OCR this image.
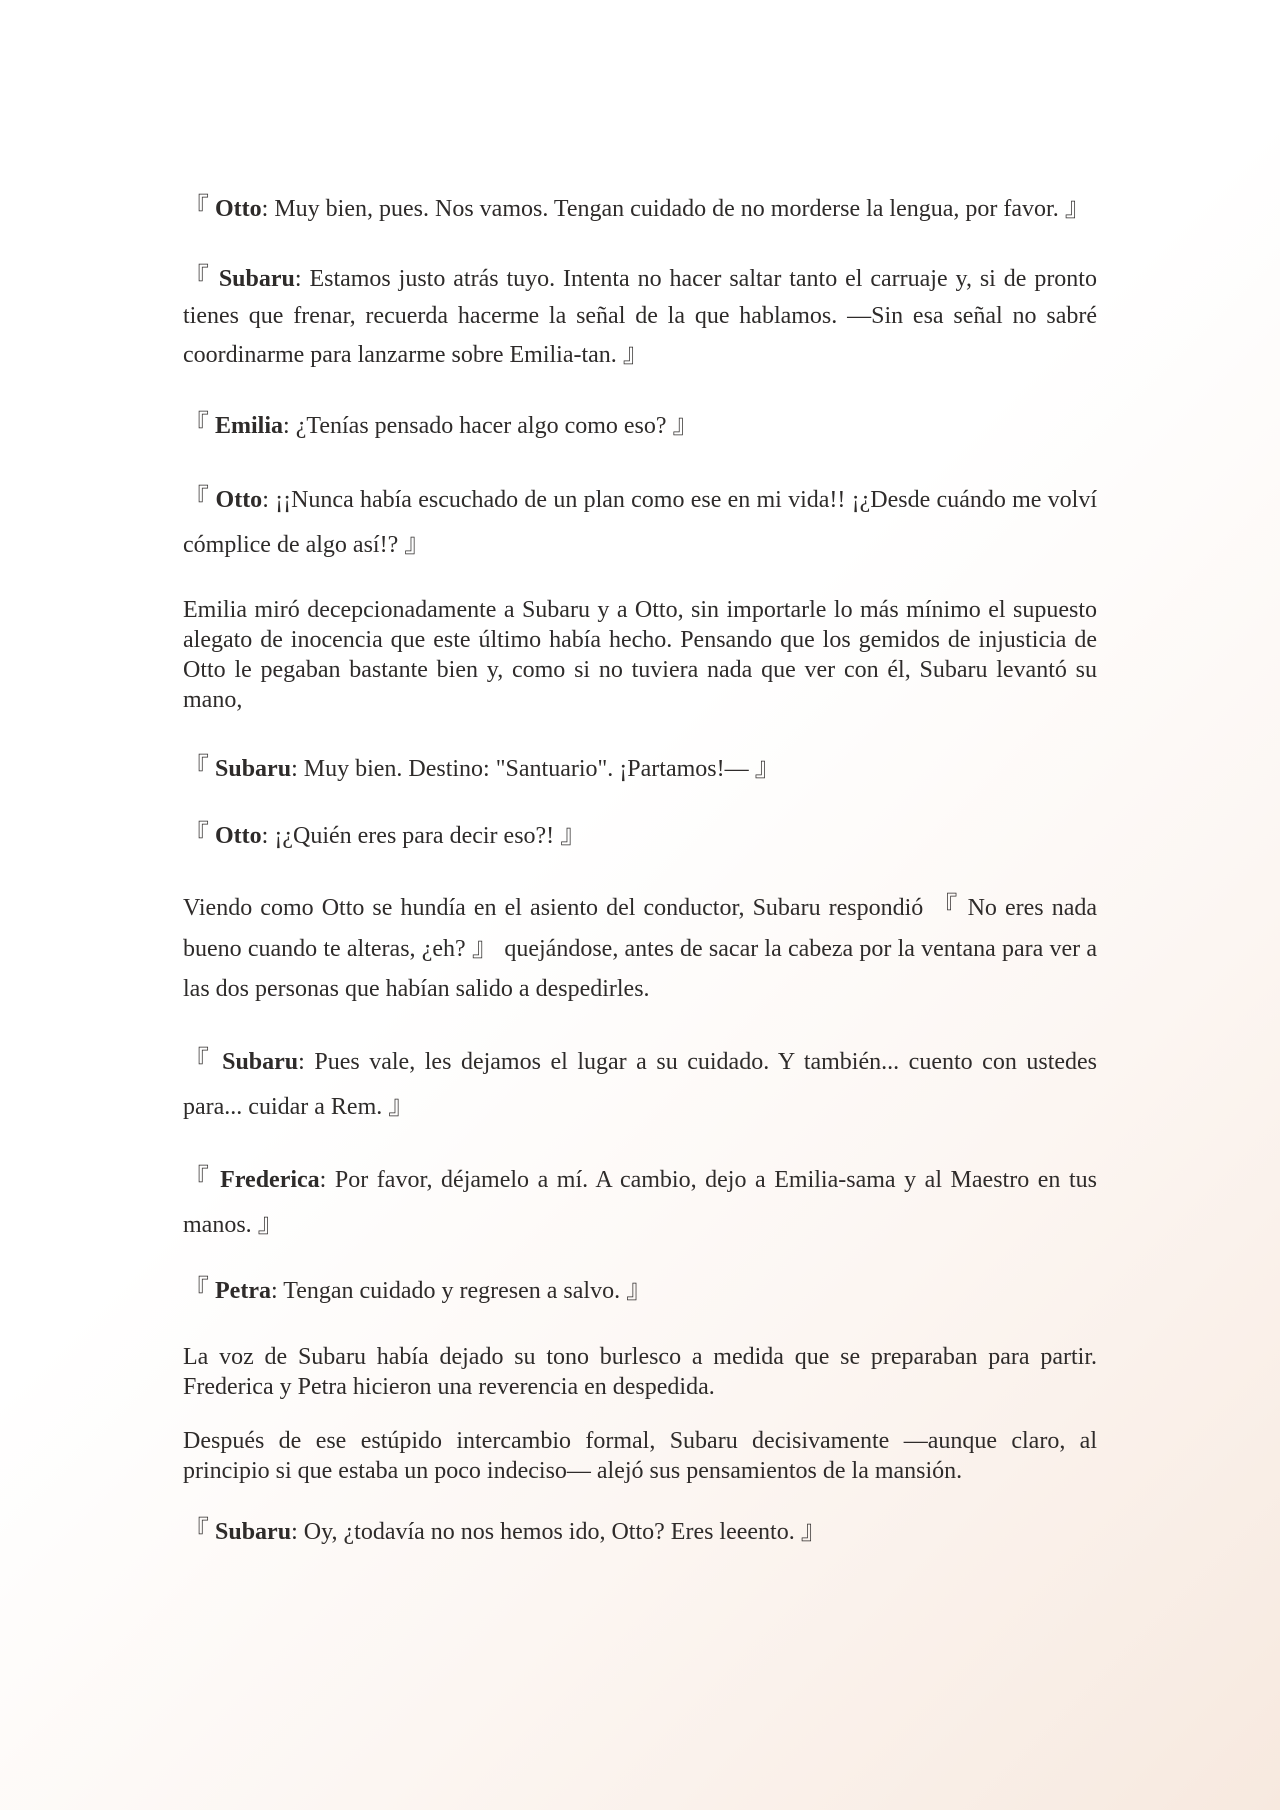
『 Otto: Muy bien, pues. Nos vamos. Tengan cuidado de no morderse la lengua, por favor. 』

『 Subaru: Estamos justo atrás tuyo. Intenta no hacer saltar tanto el carruaje y, si de pronto tienes que frenar, recuerda hacerme la señal de la que hablamos. —Sin esa señal no sabré coordinarme para lanzarme sobre Emilia-tan. 』

『 Emilia: ¿Tenías pensado hacer algo como eso? 』

『 Otto: ¡¡Nunca había escuchado de un plan como ese en mi vida!! ¡¿Desde cuándo me volví cómplice de algo así!? 』

Emilia miró decepcionadamente a Subaru y a Otto, sin importarle lo más mínimo el supuesto alegato de inocencia que este último había hecho. Pensando que los gemidos de injusticia de Otto le pegaban bastante bien y, como si no tuviera nada que ver con él, Subaru levantó su mano,

『 Subaru: Muy bien. Destino: "Santuario". ¡Partamos!— 』

『 Otto: ¡¿Quién eres para decir eso?! 』

Viendo como Otto se hundía en el asiento del conductor, Subaru respondió 『 No eres nada bueno cuando te alteras, ¿eh? 』 quejándose, antes de sacar la cabeza por la ventana para ver a las dos personas que habían salido a despedirles.

『 Subaru: Pues vale, les dejamos el lugar a su cuidado. Y también... cuento con ustedes para... cuidar a Rem. 』

『 Frederica: Por favor, déjamelo a mí. A cambio, dejo a Emilia-sama y al Maestro en tus manos. 』

『 Petra: Tengan cuidado y regresen a salvo. 』

La voz de Subaru había dejado su tono burlesco a medida que se preparaban para partir. Frederica y Petra hicieron una reverencia en despedida.

Después de ese estúpido intercambio formal, Subaru decisivamente —aunque claro, al principio si que estaba un poco indeciso— alejó sus pensamientos de la mansión.

『 Subaru: Oy, ¿todavía no nos hemos ido, Otto? Eres leeento. 』
